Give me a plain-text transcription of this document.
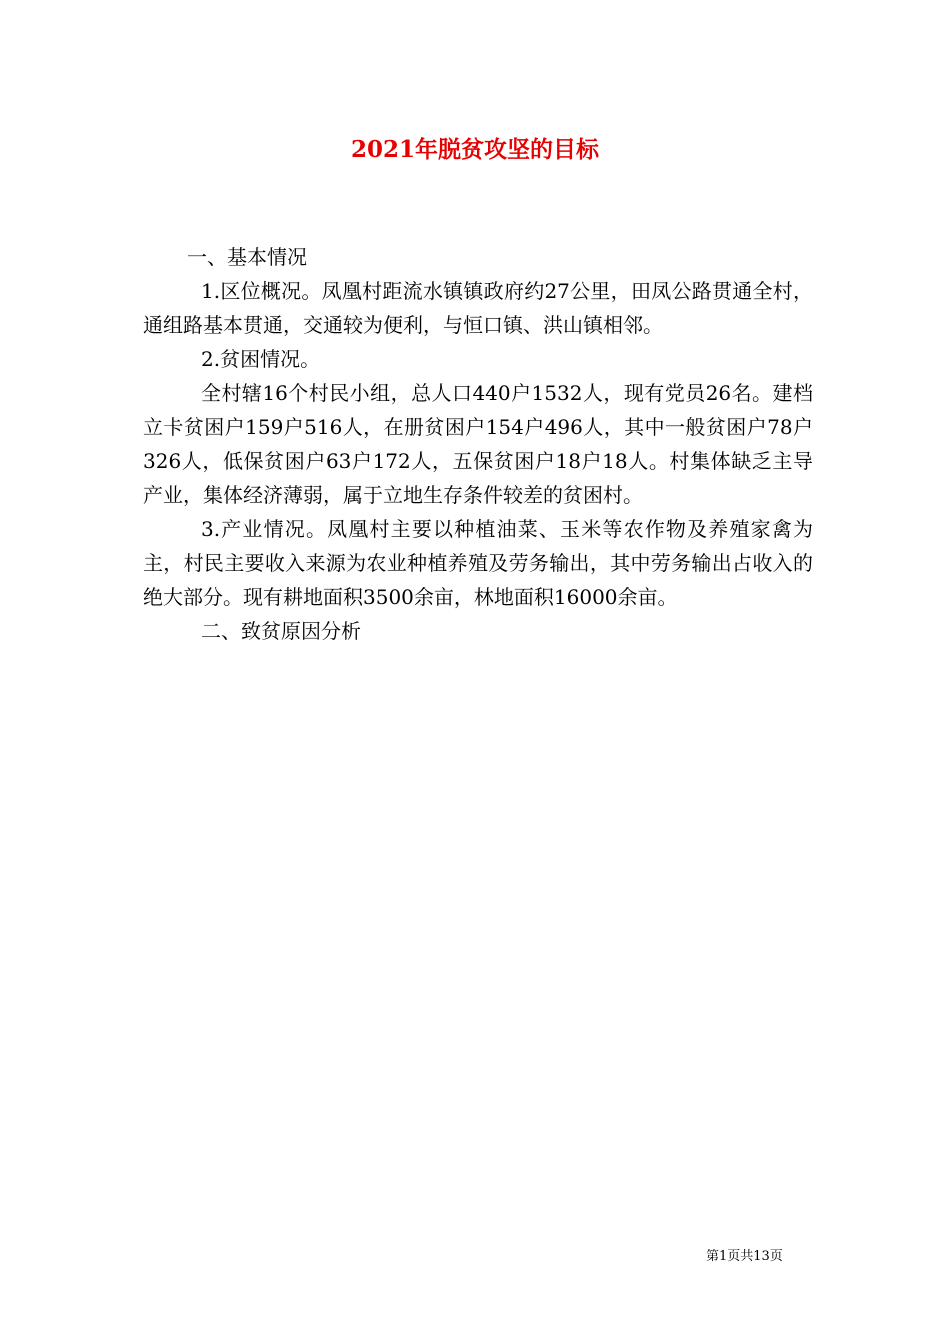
2021年脱贫攻坚的目标

一、基本情况

1.区位概况。凤凰村距流水镇镇政府约27公里，田凤公路贯通全村，通组路基本贯通，交通较为便利，与恒口镇、洪山镇相邻。

2.贫困情况。

全村辖16个村民小组，总人口440户1532人，现有党员26名。建档立卡贫困户159户516人，在册贫困户154户496人，其中一般贫困户78户326人，低保贫困户63户172人，五保贫困户18户18人。村集体缺乏主导产业，集体经济薄弱，属于立地生存条件较差的贫困村。

3.产业情况。凤凰村主要以种植油菜、玉米等农作物及养殖家禽为主，村民主要收入来源为农业种植养殖及劳务输出，其中劳务输出占收入的绝大部分。现有耕地面积3500余亩，林地面积16000余亩。

二、致贫原因分析

第1页共13页
